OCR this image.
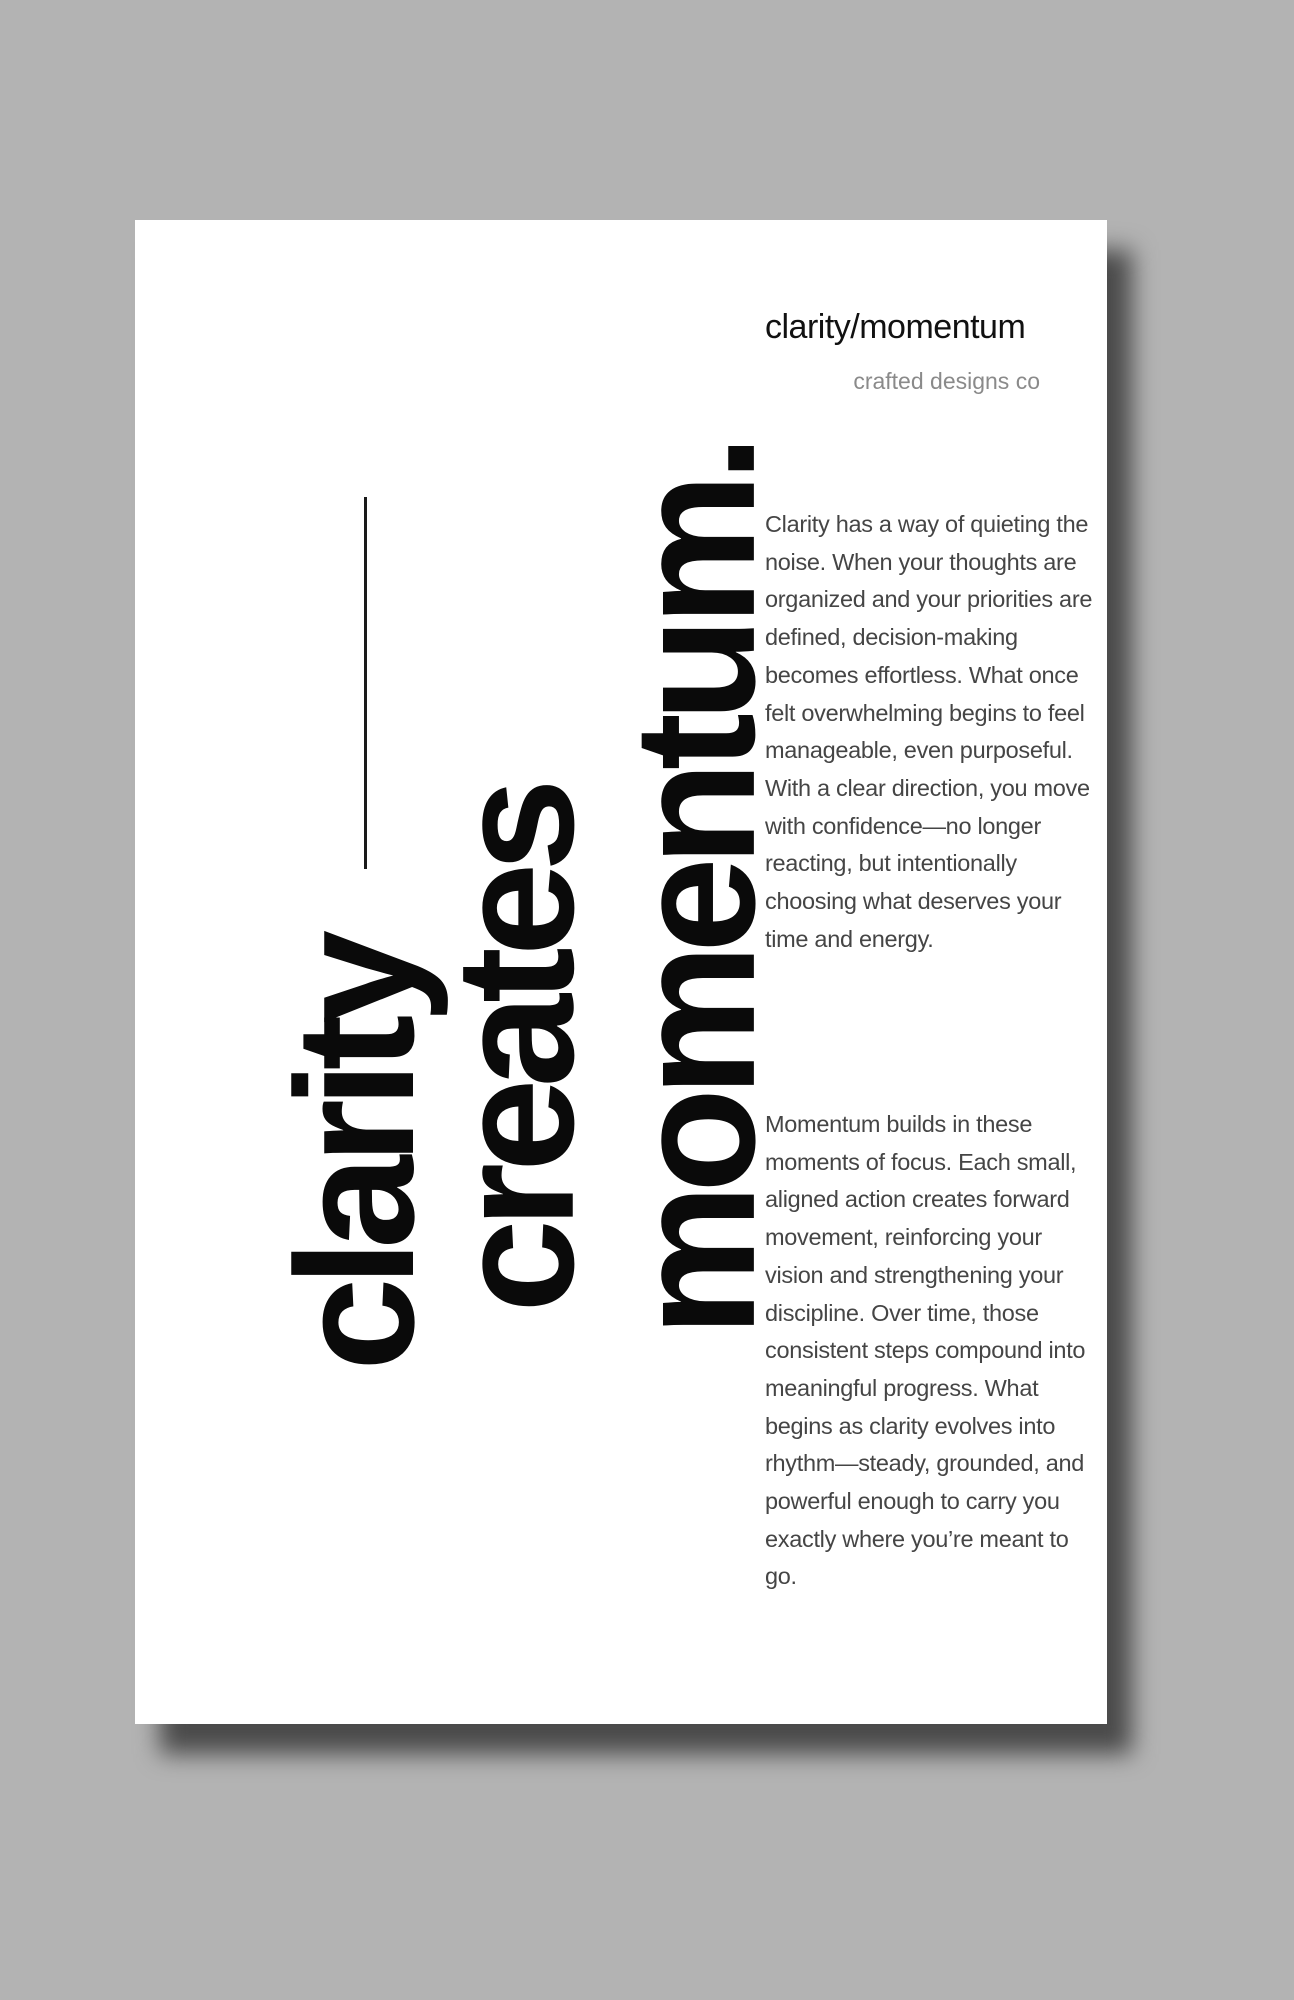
clarity/momentum
crafted designs co
clarity
creates
momentum.

Clarity has a way of quieting the noise. When your thoughts are organized and your priorities are defined, decision-making becomes effortless. What once felt overwhelming begins to feel manageable, even purposeful. With a clear direction, you move with confidence—no longer reacting, but intentionally choosing what deserves your time and energy.

Momentum builds in these moments of focus. Each small, aligned action creates forward movement, reinforcing your vision and strengthening your discipline. Over time, those consistent steps compound into meaningful progress. What begins as clarity evolves into rhythm—steady, grounded, and powerful enough to carry you exactly where you’re meant to go.
